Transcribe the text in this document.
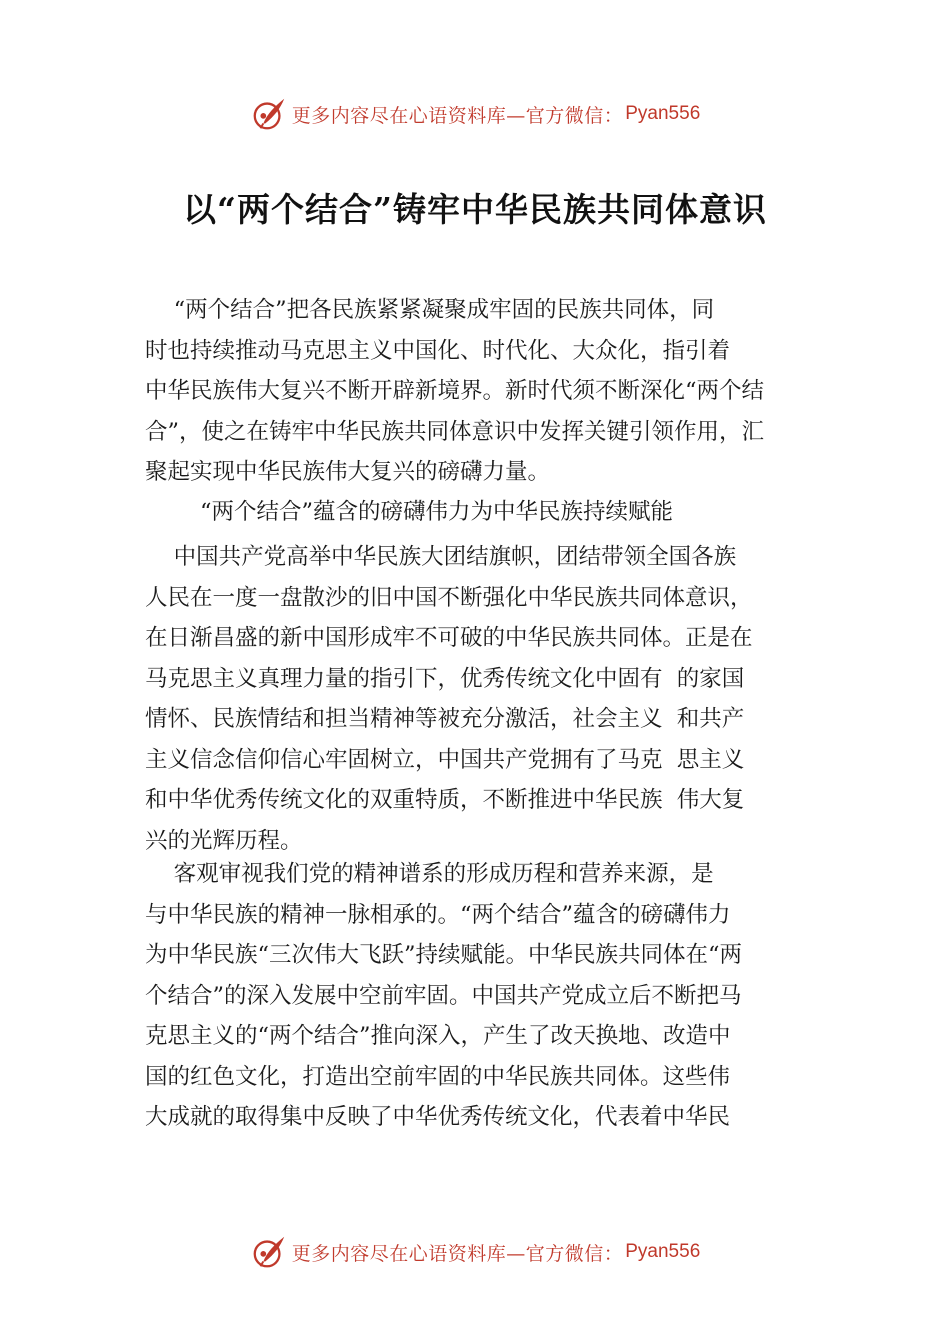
更多内容尽在心语资料库—官方微信： Pyan556
以“两个结合”铸牢中华民族共同体意识
“两个结合”把各民族紧紧凝聚成牢固的民族共同体，同
时也持续推动马克思主义中国化、时代化、大众化，指引着
中华民族伟大复兴不断开辟新境界。新时代须不断深化“两个结
合”，使之在铸牢中华民族共同体意识中发挥关键引领作用，汇
聚起实现中华民族伟大复兴的磅礴力量。
“两个结合”蕴含的磅礴伟力为中华民族持续赋能
中国共产党高举中华民族大团结旗帜，团结带领全国各族
人民在一度一盘散沙的旧中国不断强化中华民族共同体意识，
在日渐昌盛的新中国形成牢不可破的中华民族共同体。正是在
马克思主义真理力量的指引下，优秀传统文化中固有  的家国
情怀、民族情结和担当精神等被充分激活，社会主义  和共产
主义信念信仰信心牢固树立，中国共产党拥有了马克  思主义
和中华优秀传统文化的双重特质，不断推进中华民族  伟大复
兴的光辉历程。
客观审视我们党的精神谱系的形成历程和营养来源，是
与中华民族的精神一脉相承的。“两个结合”蕴含的磅礴伟力
为中华民族“三次伟大飞跃”持续赋能。中华民族共同体在“两
个结合”的深入发展中空前牢固。中国共产党成立后不断把马
克思主义的“两个结合”推向深入，产生了改天换地、改造中
国的红色文化，打造出空前牢固的中华民族共同体。这些伟
大成就的取得集中反映了中华优秀传统文化，代表着中华民
更多内容尽在心语资料库—官方微信： Pyan556
